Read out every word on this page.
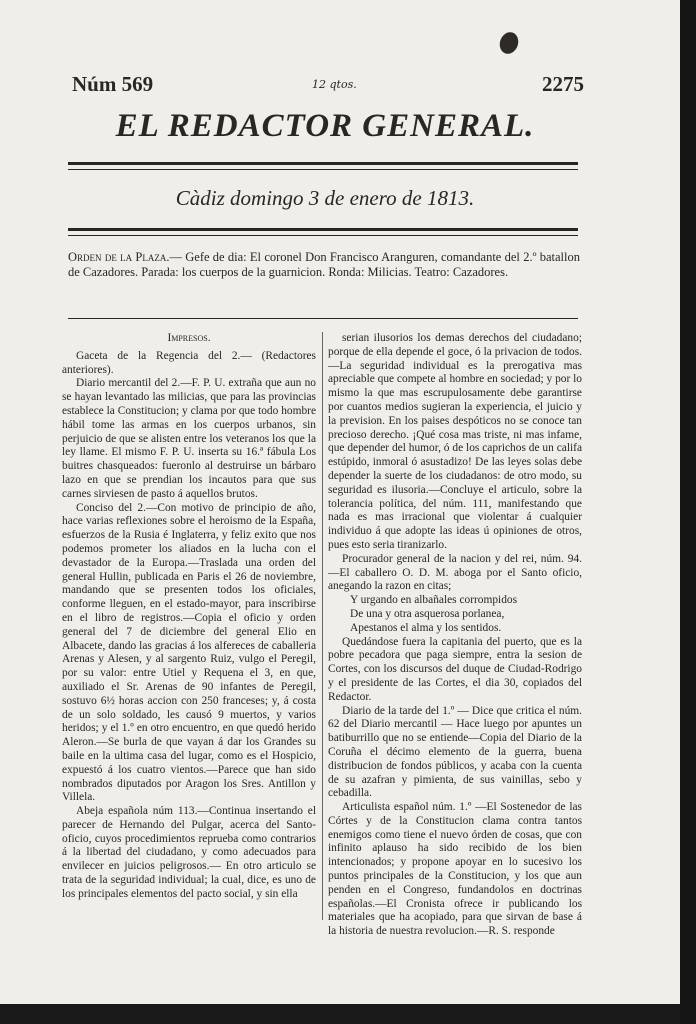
Núm 569	12 qtos.	2275
EL REDACTOR GENERAL.
Càdiz domingo 3 de enero de 1813.
Orden de la Plaza.— Gefe de dia: El coronel Don Francisco Aranguren, comandante del 2.º batallon de Cazadores. Parada: los cuerpos de la guarnicion. Ronda: Milicias. Teatro: Cazadores.

Impresos.

Gaceta de la Regencia del 2.— (Redactores anteriores).

Diario mercantil del 2.—F. P. U. extraña que aun no se hayan levantado las milicias, que para las provincias establece la Constitucion; y clama por que todo hombre hábil tome las armas en los cuerpos urbanos, sin perjuicio de que se alisten entre los veteranos los que la ley llame. El mismo F. P. U. inserta su 16.ª fábula Los buitres chasqueados: fueronlo al destruirse un bárbaro lazo en que se prendian los incautos para que sus carnes sirviesen de pasto á aquellos brutos.

Conciso del 2.—Con motivo de principio de año, hace varias reflexiones sobre el heroismo de la España, esfuerzos de la Rusia é Inglaterra, y feliz exito que nos podemos prometer los aliados en la lucha con el devastador de la Europa.—Traslada una orden del general Hullin, publicada en Paris el 26 de noviembre, mandando que se presenten todos los oficiales, conforme lleguen, en el estado-mayor, para inscribirse en el libro de registros.—Copia el oficio y orden general del 7 de diciembre del general Elio en Albacete, dando las gracias á los alfereces de caballeria Arenas y Alesen, y al sargento Ruiz, vulgo el Peregil, por su valor: entre Utiel y Requena el 3, en que, auxiliado el Sr. Arenas de 90 infantes de Peregil, sostuvo 6½ horas accion con 250 franceses; y, á costa de un solo soldado, les causó 9 muertos, y varios heridos; y el 1.º en otro encuentro, en que quedó herido Aleron.—Se burla de que vayan á dar los Grandes su baile en la ultima casa del lugar, como es el Hospicio, expuestó á los cuatro vientos.—Parece que han sido nombrados diputados por Aragon los Sres. Antillon y Villela.

Abeja española núm 113.—Continua insertando el parecer de Hernando del Pulgar, acerca del Santo-oficio, cuyos procedimientos reprueba como contrarios á la libertad del ciudadano, y como adecuados para envilecer en juicios peligrosos.— En otro articulo se trata de la seguridad individual; la cual, dice, es uno de los principales elementos del pacto social, y sin ella

serian ilusorios los demas derechos del ciudadano; porque de ella depende el goce, ó la privacion de todos.—La seguridad individual es la prerogativa mas apreciable que compete al hombre en sociedad; y por lo mismo la que mas escrupulosamente debe garantirse por cuantos medios sugieran la experiencia, el juicio y la prevision. En los paises despóticos no se conoce tan precioso derecho. ¡Qué cosa mas triste, ni mas infame, que depender del humor, ó de los caprichos de un califa estúpido, inmoral ó asustadizo! De las leyes solas debe depender la suerte de los ciudadanos: de otro modo, su seguridad es ilusoria.—Concluye el articulo, sobre la tolerancia política, del núm. 111, manifestando que nada es mas irracional que violentar á cualquier individuo á que adopte las ideas ú opiniones de otros, pues esto seria tiranizarlo.

Procurador general de la nacion y del rei, núm. 94.—El caballero O. D. M. aboga por el Santo oficio, anegando la razon en citas;

Y urgando en albañales corrompidos

De una y otra asquerosa porlanea,

Apestanos el alma y los sentidos.

Quedándose fuera la capitania del puerto, que es la pobre pecadora que paga siempre, entra la sesion de Cortes, con los discursos del duque de Ciudad-Rodrigo y el presidente de las Cortes, el dia 30, copiados del Redactor.

Diario de la tarde del 1.º — Dice que critica el núm. 62 del Diario mercantil — Hace luego por apuntes un batiburrillo que no se entiende—Copia del Diario de la Coruña el décimo elemento de la guerra, buena distribucion de fondos públicos, y acaba con la cuenta de su azafran y pimienta, de sus vainillas, sebo y cebadilla.

Articulista español núm. 1.º —El Sostenedor de las Córtes y de la Constitucion clama contra tantos enemigos como tiene el nuevo órden de cosas, que con infinito aplauso ha sido recibido de los bien intencionados; y propone apoyar en lo sucesivo los puntos principales de la Constitucion, y los que aun penden en el Congreso, fundandolos en doctrinas españolas.—El Cronista ofrece ir publicando los materiales que ha acopiado, para que sirvan de base á la historia de nuestra revolucion.—R. S. responde
